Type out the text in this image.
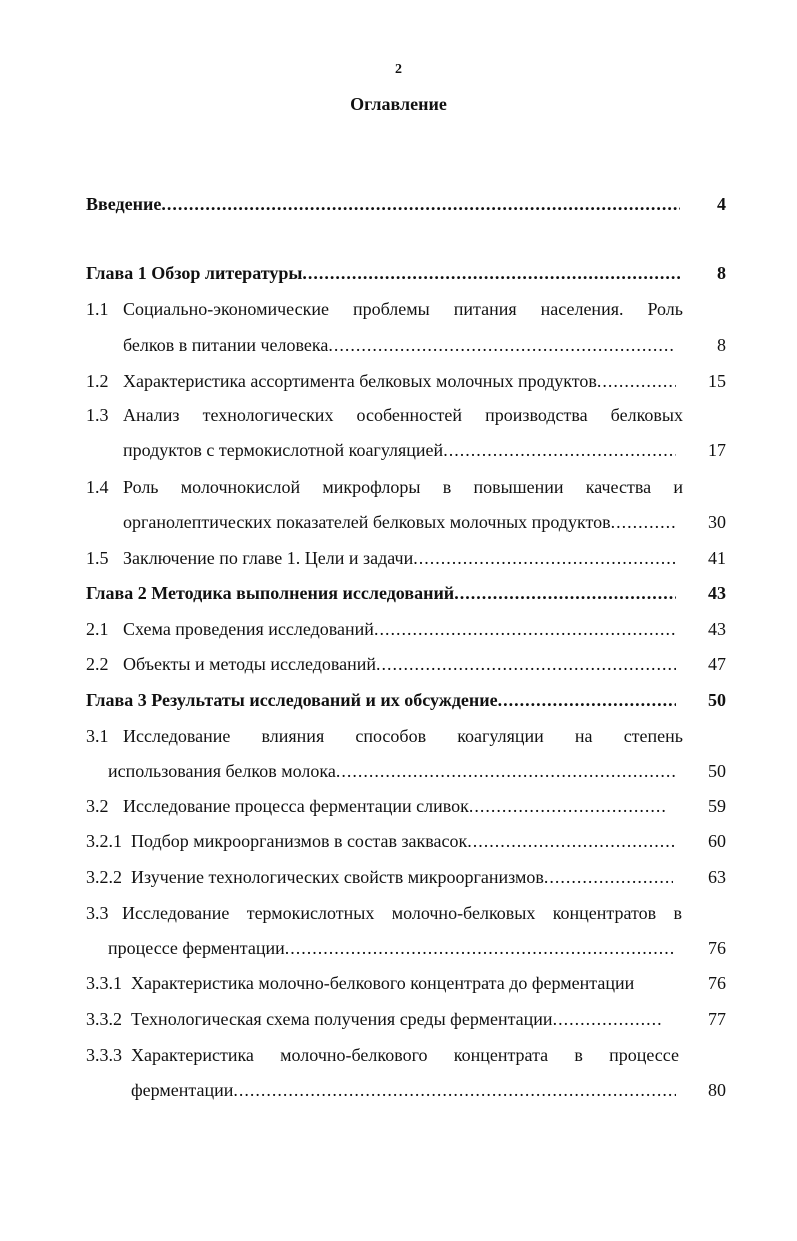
2
Оглавление
Введение .....	4
Глава 1 Обзор литературы .....	8
1.1 Социально-экономические проблемы питания населения. Роль
белков в питании человека .....	8
1.2 Характеристика ассортимента белковых молочных продуктов .....	15
1.3 Анализ технологических особенностей производства белковых
продуктов с термокислотной коагуляцией .....	17
1.4 Роль молочнокислой микрофлоры в повышении качества и
органолептических показателей белковых молочных продуктов .....	30
1.5 Заключение по главе 1. Цели и задачи .....	41
Глава 2 Методика выполнения исследований .....	43
2.1 Схема проведения исследований .....	43
2.2 Объекты и методы исследований .....	47
Глава 3 Результаты исследований и их обсуждение .....	50
3.1 Исследование влияния способов коагуляции на степень
использования белков молока .....	50
3.2 Исследование процесса ферментации сливок .....	59
3.2.1 Подбор микроорганизмов в состав заквасок .....	60
3.2.2 Изучение технологических свойств микроорганизмов .....	63
3.3 Исследование термокислотных молочно-белковых концентратов в
процессе ферментации .....	76
3.3.1 Характеристика молочно-белкового концентрата до ферментации	76
3.3.2 Технологическая схема получения среды ферментации .....	77
3.3.3 Характеристика молочно-белкового концентрата в процессе
ферментации .....	80
